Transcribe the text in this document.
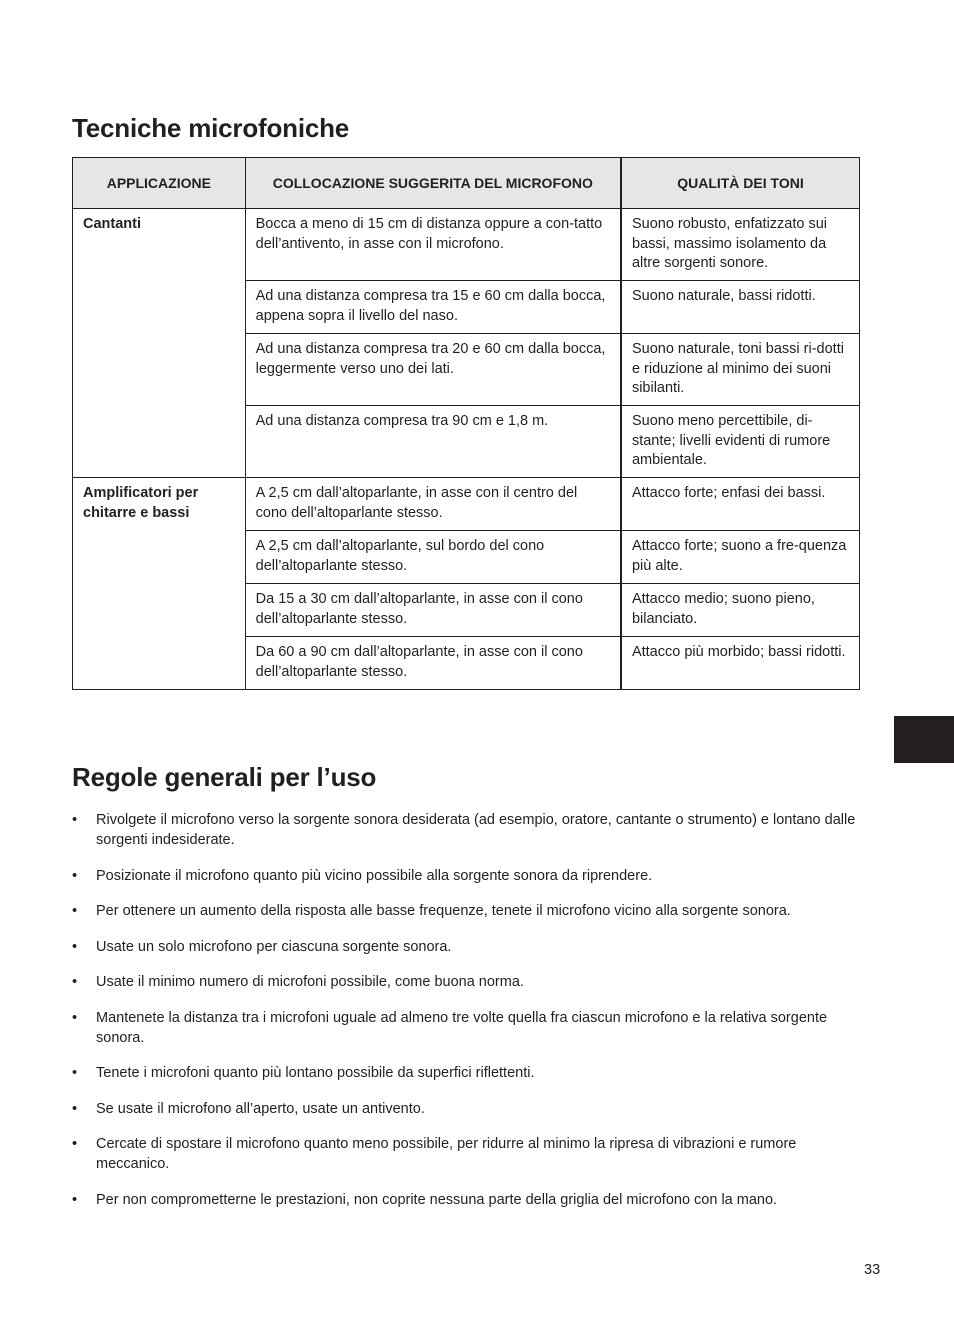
Tecniche microfoniche
APPLICAZIONE	COLLOCAZIONE SUGGERITA DEL MICROFONO	QUALITÀ DEI TONI
Cantanti	Bocca a meno di 15 cm di distanza oppure a con-tatto dell’antivento, in asse con il microfono.	Suono robusto, enfatizzato sui bassi, massimo isolamento da altre sorgenti sonore.
	Ad una distanza compresa tra 15 e 60 cm dalla bocca, appena sopra il livello del naso.	Suono naturale, bassi ridotti.
	Ad una distanza compresa tra 20 e 60 cm dalla bocca, leggermente verso uno dei lati.	Suono naturale, toni bassi ri-dotti e riduzione al minimo dei suoni sibilanti.
	Ad una distanza compresa tra 90 cm e 1,8 m.	Suono meno percettibile, di-stante; livelli evidenti di rumore ambientale.
Amplificatori per chitarre e bassi	A 2,5 cm dall’altoparlante, in asse con il centro del cono dell’altoparlante stesso.	Attacco forte; enfasi dei bassi.
	A 2,5 cm dall’altoparlante, sul bordo del cono dell’altoparlante stesso.	Attacco forte; suono a fre-quenza più alte.
	Da 15 a 30 cm dall’altoparlante, in asse con il cono dell’altoparlante stesso.	Attacco medio; suono pieno, bilanciato.
	Da 60 a 90 cm dall’altoparlante, in asse con il cono dell’altoparlante stesso.	Attacco più morbido; bassi ridotti.
Regole generali per l’uso
• Rivolgete il microfono verso la sorgente sonora desiderata (ad esempio, oratore, cantante o strumento) e lontano dalle sorgenti indesiderate.
• Posizionate il microfono quanto più vicino possibile alla sorgente sonora da riprendere.
• Per ottenere un aumento della risposta alle basse frequenze, tenete il microfono vicino alla sorgente sonora.
• Usate un solo microfono per ciascuna sorgente sonora.
• Usate il minimo numero di microfoni possibile, come buona norma.
• Mantenete la distanza tra i microfoni uguale ad almeno tre volte quella fra ciascun microfono e la relativa sorgente sonora.
• Tenete i microfoni quanto più lontano possibile da superfici riflettenti.
• Se usate il microfono all’aperto, usate un antivento.
• Cercate di spostare il microfono quanto meno possibile, per ridurre al minimo la ripresa di vibrazioni e rumore meccanico.
• Per non comprometterne le prestazioni, non coprite nessuna parte della griglia del microfono con la mano.
33
